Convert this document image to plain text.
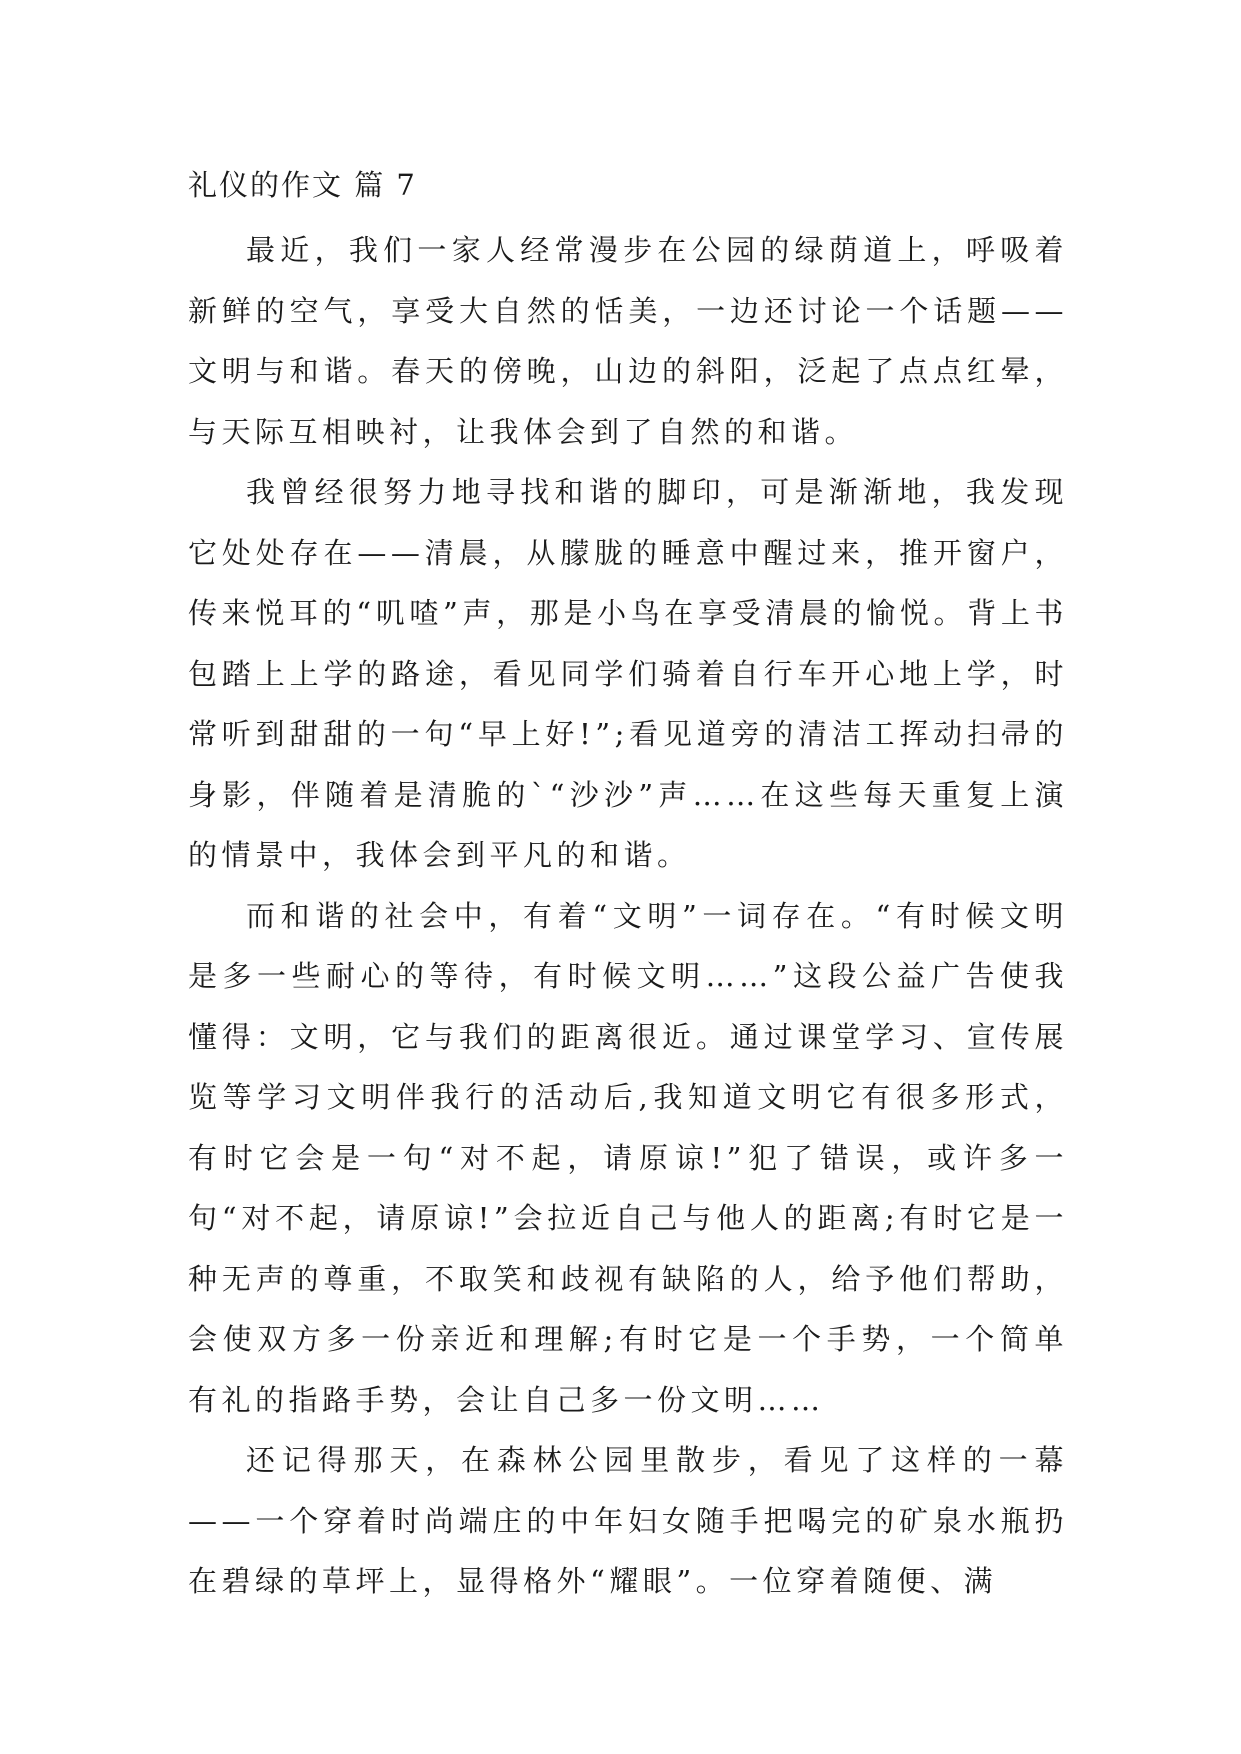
礼仪的作文 篇 7

最近，我们一家人经常漫步在公园的绿荫道上，呼吸着新鲜的空气，享受大自然的恬美，一边还讨论一个话题——文明与和谐。春天的傍晚，山边的斜阳，泛起了点点红晕，与天际互相映衬，让我体会到了自然的和谐。

我曾经很努力地寻找和谐的脚印，可是渐渐地，我发现它处处存在——清晨，从朦胧的睡意中醒过来，推开窗户，传来悦耳的“叽喳”声，那是小鸟在享受清晨的愉悦。背上书包踏上上学的路途，看见同学们骑着自行车开心地上学，时常听到甜甜的一句“早上好!”;看见道旁的清洁工挥动扫帚的身影，伴随着是清脆的`“沙沙”声……在这些每天重复上演的情景中，我体会到平凡的和谐。

而和谐的社会中，有着“文明”一词存在。“有时候文明是多一些耐心的等待，有时候文明……”这段公益广告使我懂得：文明，它与我们的距离很近。通过课堂学习、宣传展览等学习文明伴我行的活动后,我知道文明它有很多形式，有时它会是一句“对不起，请原谅!”犯了错误，或许多一句“对不起，请原谅!”会拉近自己与他人的距离;有时它是一种无声的尊重，不取笑和歧视有缺陷的人，给予他们帮助，会使双方多一份亲近和理解;有时它是一个手势，一个简单有礼的指路手势，会让自己多一份文明……

还记得那天，在森林公园里散步，看见了这样的一幕——一个穿着时尚端庄的中年妇女随手把喝完的矿泉水瓶扔在碧绿的草坪上，显得格外“耀眼”。一位穿着随便、满
